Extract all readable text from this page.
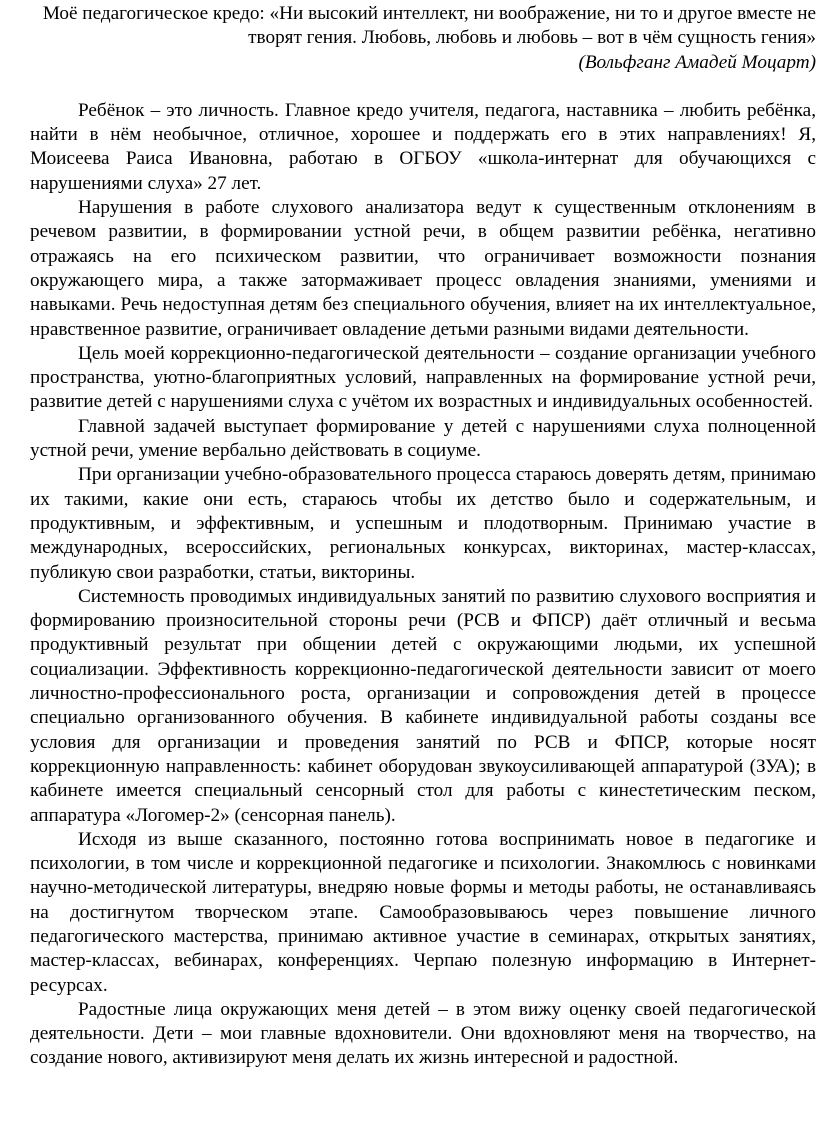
Моё педагогическое кредо: «Ни высокий интеллект, ни воображение, ни то и другое вместе не творят гения. Любовь, любовь и любовь – вот в чём сущность гения»

(Вольфганг Амадей Моцарт)

Ребёнок – это личность. Главное кредо учителя, педагога, наставника – любить ребёнка, найти в нём необычное, отличное, хорошее и поддержать его в этих направлениях! Я, Моисеева Раиса Ивановна, работаю в ОГБОУ «школа-интернат для обучающихся с нарушениями слуха» 27 лет.

Нарушения в работе слухового анализатора ведут к существенным отклонениям в речевом развитии, в формировании устной речи, в общем развитии ребёнка, негативно отражаясь на его психическом развитии, что ограничивает возможности познания окружающего мира, а также затормаживает процесс овладения знаниями, умениями и навыками. Речь недоступная детям без специального обучения, влияет на их интеллектуальное, нравственное развитие, ограничивает овладение детьми разными видами деятельности.

Цель моей коррекционно-педагогической деятельности – создание организации учебного пространства, уютно-благоприятных условий, направленных на формирование устной речи, развитие детей с нарушениями слуха с учётом их возрастных и индивидуальных особенностей.

Главной задачей выступает формирование у детей с нарушениями слуха полноценной устной речи, умение вербально действовать в социуме.

При организации учебно-образовательного процесса стараюсь доверять детям, принимаю их такими, какие они есть, стараюсь чтобы их детство было и содержательным, и продуктивным, и эффективным, и успешным и плодотворным. Принимаю участие в международных, всероссийских, региональных конкурсах, викторинах, мастер-классах, публикую свои разработки, статьи, викторины.

Системность проводимых индивидуальных занятий по развитию слухового восприятия и формированию произносительной стороны речи (РСВ и ФПСР) даёт отличный и весьма продуктивный результат при общении детей с окружающими людьми, их успешной социализации. Эффективность коррекционно-педагогической деятельности зависит от моего личностно-профессионального роста, организации и сопровождения детей в процессе специально организованного обучения. В кабинете индивидуальной работы созданы все условия для организации и проведения занятий по РСВ и ФПСР, которые носят коррекционную направленность: кабинет оборудован звукоусиливающей аппаратурой (ЗУА); в кабинете имеется специальный сенсорный стол для работы с кинестетическим песком, аппаратура «Логомер-2» (сенсорная панель).

Исходя из выше сказанного, постоянно готова воспринимать новое в педагогике и психологии, в том числе и коррекционной педагогике и психологии. Знакомлюсь с новинками научно-методической литературы, внедряю новые формы и методы работы, не останавливаясь на достигнутом творческом этапе. Самообразовываюсь через повышение личного педагогического мастерства, принимаю активное участие в семинарах, открытых занятиях, мастер-классах, вебинарах, конференциях. Черпаю полезную информацию в Интернет-ресурсах.

Радостные лица окружающих меня детей – в этом вижу оценку своей педагогической деятельности. Дети – мои главные вдохновители. Они вдохновляют меня на творчество, на создание нового, активизируют меня делать их жизнь интересной и радостной.
